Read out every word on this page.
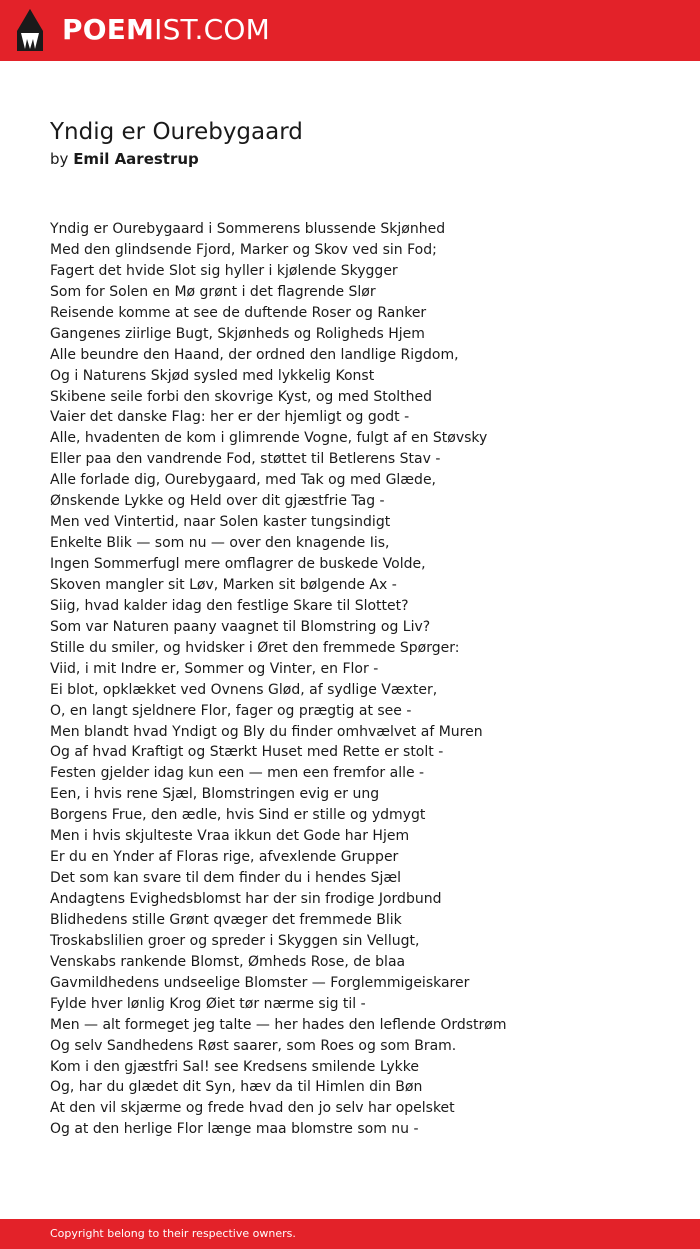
POEMIST.COM
Yndig er Ourebygaard
by Emil Aarestrup
Yndig er Ourebygaard i Sommerens blussende Skjønhed
Med den glindsende Fjord, Marker og Skov ved sin Fod;
Fagert det hvide Slot sig hyller i kjølende Skygger
Som for Solen en Mø grønt i det flagrende Slør
Reisende komme at see de duftende Roser og Ranker
Gangenes ziirlige Bugt, Skjønheds og Roligheds Hjem
Alle beundre den Haand, der ordned den landlige Rigdom,
Og i Naturens Skjød sysled med lykkelig Konst
Skibene seile forbi den skovrige Kyst, og med Stolthed
Vaier det danske Flag: her er der hjemligt og godt -
Alle, hvadenten de kom i glimrende Vogne, fulgt af en Støvsky
Eller paa den vandrende Fod, støttet til Betlerens Stav -
Alle forlade dig, Ourebygaard, med Tak og med Glæde,
Ønskende Lykke og Held over dit gjæstfrie Tag -
Men ved Vintertid, naar Solen kaster tungsindigt
Enkelte Blik — som nu — over den knagende Iis,
Ingen Sommerfugl mere omflagrer de buskede Volde,
Skoven mangler sit Løv, Marken sit bølgende Ax -
Siig, hvad kalder idag den festlige Skare til Slottet?
Som var Naturen paany vaagnet til Blomstring og Liv?
Stille du smiler, og hvidsker i Øret den fremmede Spørger:
Viid, i mit Indre er, Sommer og Vinter, en Flor -
Ei blot, opklækket ved Ovnens Glød, af sydlige Væxter,
O, en langt sjeldnere Flor, fager og prægtig at see -
Men blandt hvad Yndigt og Bly du finder omhvælvet af Muren
Og af hvad Kraftigt og Stærkt Huset med Rette er stolt -
Festen gjelder idag kun een — men een fremfor alle -
Een, i hvis rene Sjæl, Blomstringen evig er ung
Borgens Frue, den ædle, hvis Sind er stille og ydmygt
Men i hvis skjulteste Vraa ikkun det Gode har Hjem
Er du en Ynder af Floras rige, afvexlende Grupper
Det som kan svare til dem finder du i hendes Sjæl
Andagtens Evighedsblomst har der sin frodige Jordbund
Blidhedens stille Grønt qvæger det fremmede Blik
Troskabslilien groer og spreder i Skyggen sin Vellugt,
Venskabs rankende Blomst, Ømheds Rose, de blaa
Gavmildhedens undseelige Blomster — Forglemmigeiskarer
Fylde hver lønlig Krog Øiet tør nærme sig til -
Men — alt formeget jeg talte — her hades den leflende Ordstrøm
Og selv Sandhedens Røst saarer, som Roes og som Bram.
Kom i den gjæstfri Sal! see Kredsens smilende Lykke
Og, har du glædet dit Syn, hæv da til Himlen din Bøn
At den vil skjærme og frede hvad den jo selv har opelsket
Og at den herlige Flor længe maa blomstre som nu -
Copyright belong to their respective owners.
